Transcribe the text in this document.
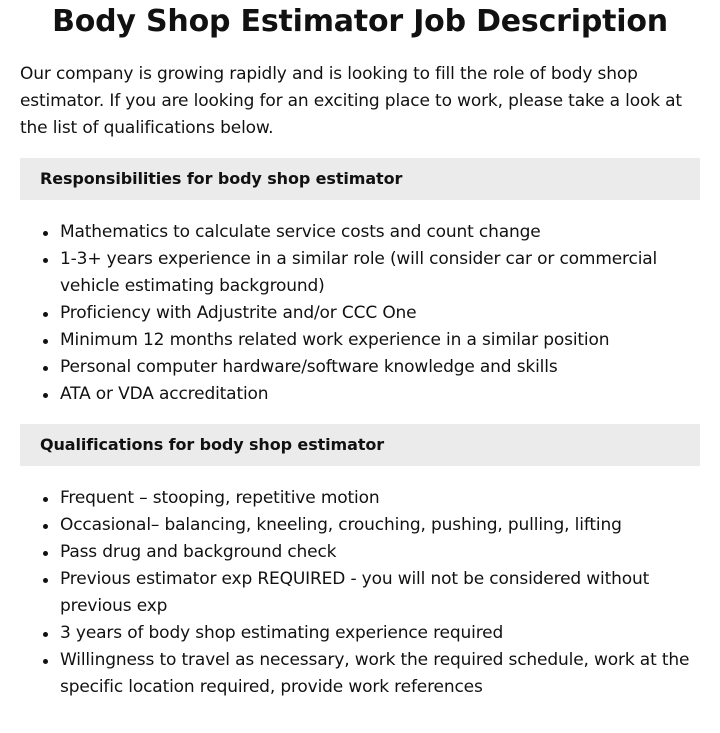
Body Shop Estimator Job Description

Our company is growing rapidly and is looking to fill the role of body shop estimator. If you are looking for an exciting place to work, please take a look at the list of qualifications below.

Responsibilities for body shop estimator
Mathematics to calculate service costs and count change
1-3+ years experience in a similar role (will consider car or commercial vehicle estimating background)
Proficiency with Adjustrite and/or CCC One
Minimum 12 months related work experience in a similar position
Personal computer hardware/software knowledge and skills
ATA or VDA accreditation
Qualifications for body shop estimator
Frequent – stooping, repetitive motion
Occasional– balancing, kneeling, crouching, pushing, pulling, lifting
Pass drug and background check
Previous estimator exp REQUIRED - you will not be considered without previous exp
3 years of body shop estimating experience required
Willingness to travel as necessary, work the required schedule, work at the specific location required, provide work references
